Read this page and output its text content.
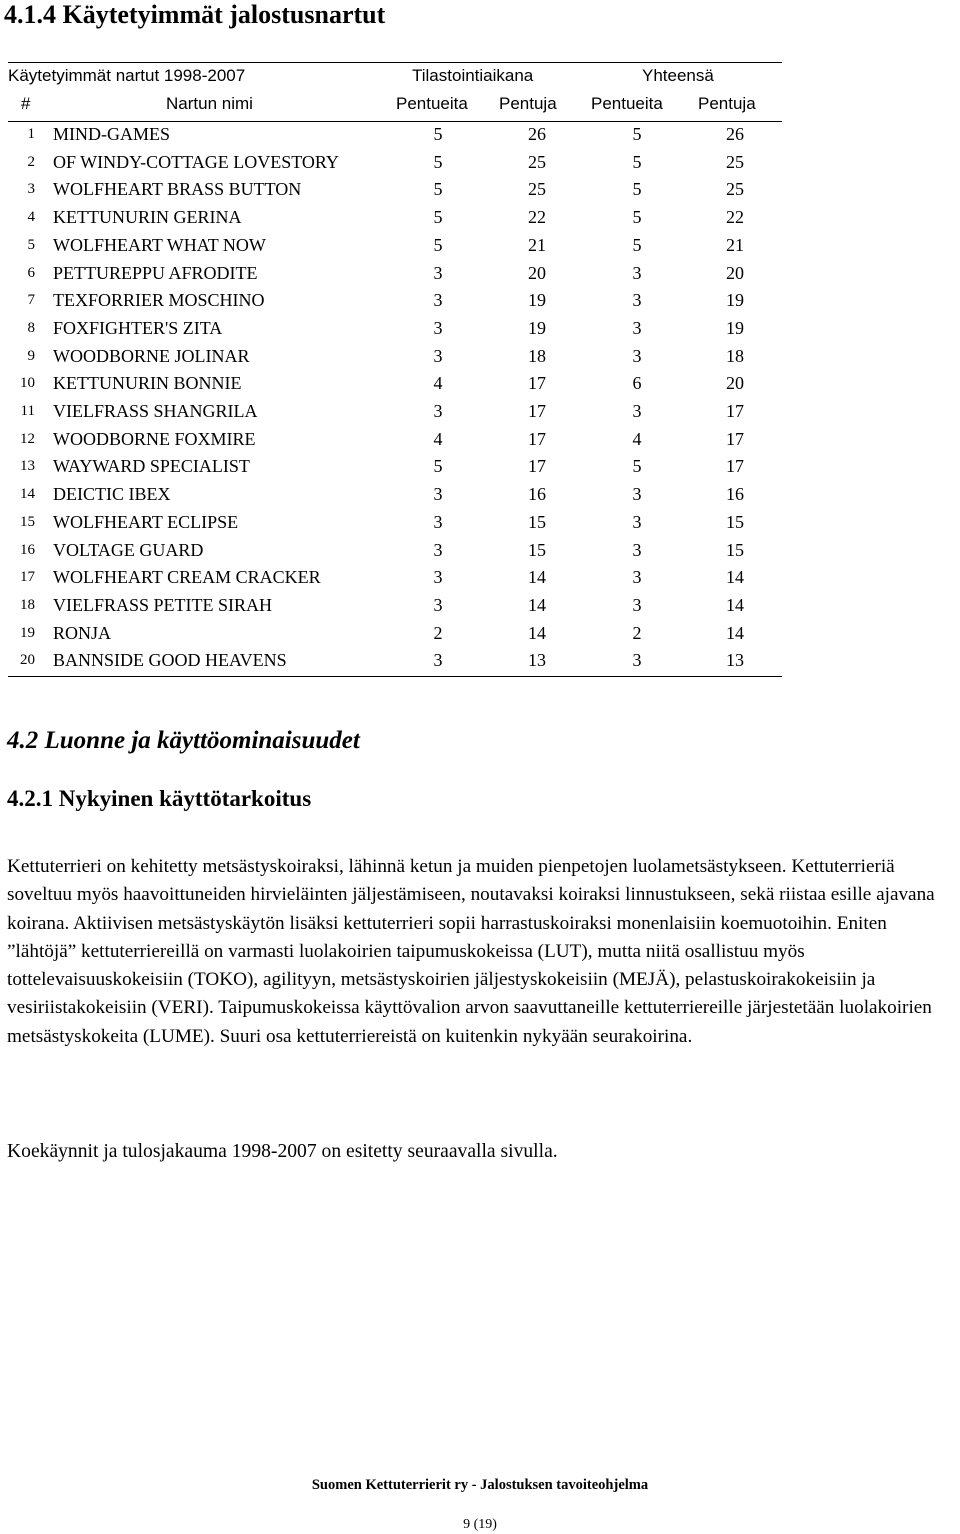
4.1.4 Käytetyimmät jalostusnartut
Käytetyimmät nartut 1998-2007	Tilastointiaikana	Yhteensä
#	Nartun nimi	Pentueita Pentuja Pentueita Pentuja
1 MIND-GAMES	5	26	5	26
2 OF WINDY-COTTAGE LOVESTORY	5	25	5	25
3 WOLFHEART BRASS BUTTON	5	25	5	25
4 KETTUNURIN GERINA	5	22	5	22
5 WOLFHEART WHAT NOW	5	21	5	21
6 PETTUREPPU AFRODITE	3	20	3	20
7 TEXFORRIER MOSCHINO	3	19	3	19
8 FOXFIGHTER'S ZITA	3	19	3	19
9 WOODBORNE JOLINAR	3	18	3	18
10 KETTUNURIN BONNIE	4	17	6	20
11 VIELFRASS SHANGRILA	3	17	3	17
12 WOODBORNE FOXMIRE	4	17	4	17
13 WAYWARD SPECIALIST	5	17	5	17
14 DEICTIC IBEX	3	16	3	16
15 WOLFHEART ECLIPSE	3	15	3	15
16 VOLTAGE GUARD	3	15	3	15
17 WOLFHEART CREAM CRACKER	3	14	3	14
18 VIELFRASS PETITE SIRAH	3	14	3	14
19 RONJA	2	14	2	14
20 BANNSIDE GOOD HEAVENS	3	13	3	13
4.2 Luonne ja käyttöominaisuudet
4.2.1 Nykyinen käyttötarkoitus
Kettuterrieri on kehitetty metsästyskoiraksi, lähinnä ketun ja muiden pienpetojen luolametsästykseen. Kettuterrieriä soveltuu myös haavoittuneiden hirvieläinten jäljestämiseen, noutavaksi koiraksi linnustukseen, sekä riistaa esille ajavana koirana. Aktiivisen metsästyskäytön lisäksi kettuterrieri sopii harrastuskoiraksi monenlaisiin koemuotoihin. Eniten ”lähtöjä” kettuterriereillä on varmasti luolakoirien taipumuskokeissa (LUT), mutta niitä osallistuu myös tottelevaisuuskokeisiin (TOKO), agilityyn, metsästyskoirien jäljestyskokeisiin (MEJÄ), pelastuskoirakokeisiin ja vesiriistakokeisiin (VERI). Taipumuskokeissa käyttövalion arvon saavuttaneille kettuterriereille järjestetään luolakoirien metsästyskokeita (LUME). Suuri osa kettuterriereistä on kuitenkin nykyään seurakoirina.
Koekäynnit ja tulosjakauma 1998-2007 on esitetty seuraavalla sivulla.
Suomen Kettuterrierit ry - Jalostuksen tavoiteohjelma
9 (19)
